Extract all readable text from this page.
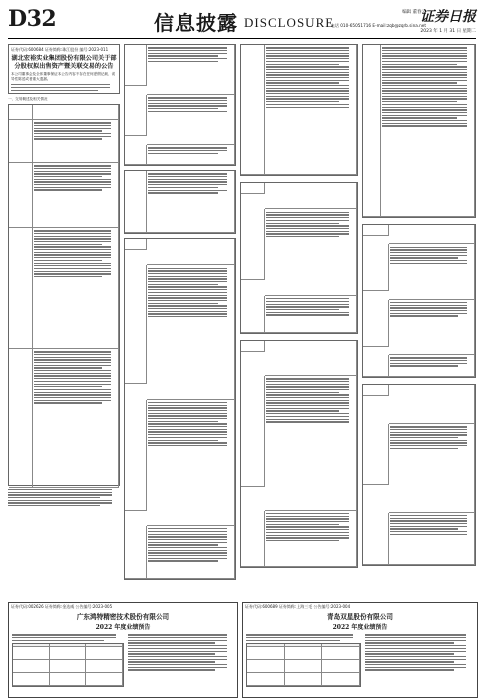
D32	信息披露 DISCLOSURE
编辑 董春云
电话 010-65051716 E-mail:zqb@zqrb.sina.net
2023 年 1 月 31 日 星期二
证券日报
证券代码:600684 证券简称:珠江股份 编号:2023-011
湖北宏裕实业集团股份有限公司关于部分股权拟出售资产暨关联交易的公告
本公司董事会及全体董事保证本公告内容不存在任何虚假记载、误导性陈述或者重大遗漏。
一、交易概述及相关情况
证券代码:002626 证券简称:金达威 公告编号:2023-005
广东鸿特精密技术股份有限公司
2022 年度业绩预告
证券代码:600689 证券简称:上海三毛 公告编号:2023-004
青岛双星股份有限公司
2022 年度业绩预告
